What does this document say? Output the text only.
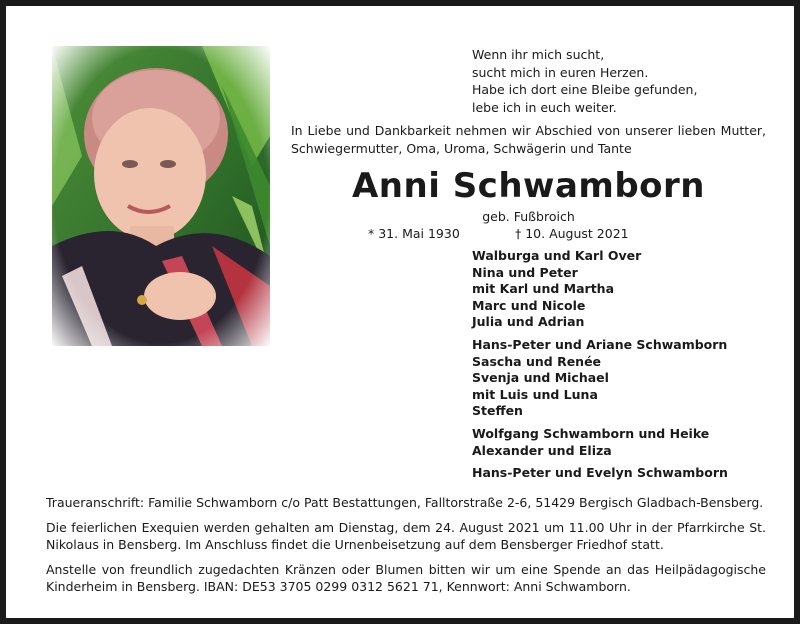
Wenn ihr mich sucht,
sucht mich in euren Herzen.
Habe ich dort eine Bleibe gefunden,
lebe ich in euch weiter.
In Liebe und Dankbarkeit nehmen wir Abschied von unserer lieben Mutter, Schwiegermutter, Oma, Uroma, Schwägerin und Tante
Anni Schwamborn
geb. Fußbroich
* 31. Mai 1930	† 10. August 2021
Walburga und Karl Over
Nina und Peter
mit Karl und Martha
Marc und Nicole
Julia und Adrian
Hans-Peter und Ariane Schwamborn
Sascha und Renée
Svenja und Michael
mit Luis und Luna
Steffen
Wolfgang Schwamborn und Heike
Alexander und Eliza
Hans-Peter und Evelyn Schwamborn

Traueranschrift: Familie Schwamborn c/o Patt Bestattungen, Falltorstraße 2-6, 51429 Bergisch Gladbach-Bensberg.

Die feierlichen Exequien werden gehalten am Dienstag, dem 24. August 2021 um 11.00 Uhr in der Pfarrkirche St. Nikolaus in Bensberg. Im Anschluss findet die Urnenbeisetzung auf dem Bensberger Friedhof statt.

Anstelle von freundlich zugedachten Kränzen oder Blumen bitten wir um eine Spende an das Heilpädagogische Kinderheim in Bensberg. IBAN: DE53 3705 0299 0312 5621 71, Kennwort: Anni Schwamborn.
